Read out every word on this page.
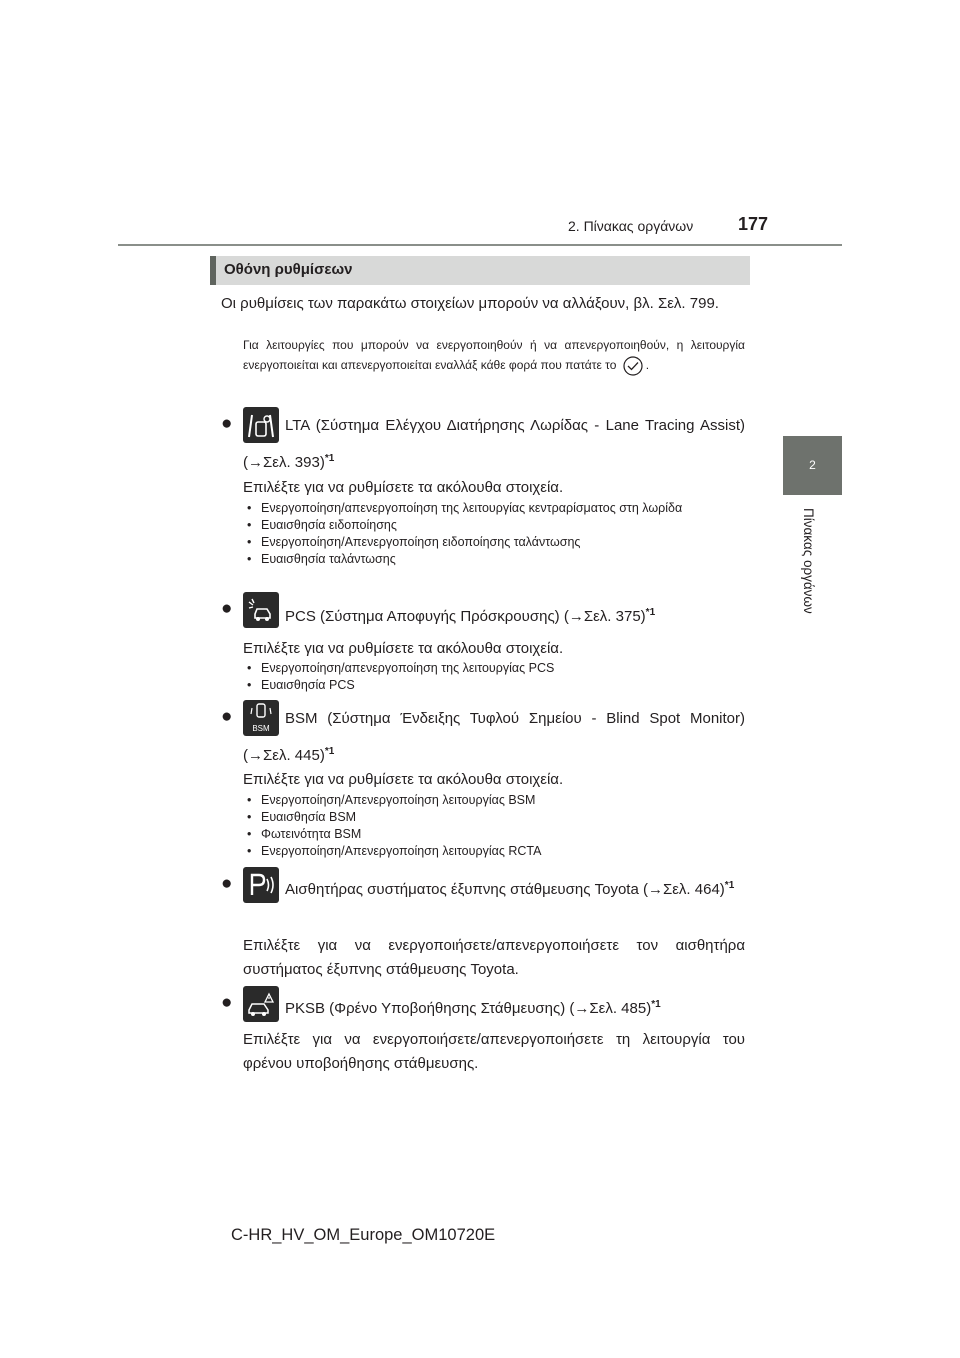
2. Πίνακας οργάνων 177
2
Πίνακας οργάνων
Οθόνη ρυθμίσεων
Οι ρυθμίσεις των παρακάτω στοιχείων μπορούν να αλλάξουν, βλ. Σελ. 799.
Για λειτουργίες που μπορούν να ενεργοποιηθούν ή να απενεργοποιηθούν, η λειτουργία ενεργοποιείται και απενεργοποιείται εναλλάξ κάθε φορά που πατάτε το .
●	LTA (Σύστημα Ελέγχου Διατήρησης Λωρίδας - Lane Tracing Assist) (→Σελ. 393)$^{*1}$
Επιλέξτε για να ρυθμίσετε τα ακόλουθα στοιχεία.
• Ενεργοποίηση/απενεργοποίηση της λειτουργίας κεντραρίσματος στη λωρίδα
• Ευαισθησία ειδοποίησης
• Ενεργοποίηση/Απενεργοποίηση ειδοποίησης ταλάντωσης
• Ευαισθησία ταλάντωσης
●	PCS (Σύστημα Αποφυγής Πρόσκρουσης) (→Σελ. 375)$^{*1}$
Επιλέξτε για να ρυθμίσετε τα ακόλουθα στοιχεία.
• Ενεργοποίηση/απενεργοποίηση της λειτουργίας PCS
• Ευαισθησία PCS
●
BSM
BSM (Σύστημα Ένδειξης Τυφλού Σημείου - Blind Spot Monitor) (→Σελ. 445)$^{*1}$
Επιλέξτε για να ρυθμίσετε τα ακόλουθα στοιχεία.
• Ενεργοποίηση/Απενεργοποίηση λειτουργίας BSM
• Ευαισθησία BSM
• Φωτεινότητα BSM
• Ενεργοποίηση/Απενεργοποίηση λειτουργίας RCTA
●	Αισθητήρας συστήματος έξυπνης στάθμευσης Toyota (→Σελ. 464)$^{*1}$
Επιλέξτε για να ενεργοποιήσετε/απενεργοποιήσετε τον αισθητήρα συστήματος έξυπνης στάθμευσης Toyota.
●	PKSB (Φρένο Υποβοήθησης Στάθμευσης) (→Σελ. 485)$^{*1}$
Επιλέξτε για να ενεργοποιήσετε/απενεργοποιήσετε τη λειτουργία του φρένου υποβοήθησης στάθμευσης.
C-HR_HV_OM_Europe_OM10720E
